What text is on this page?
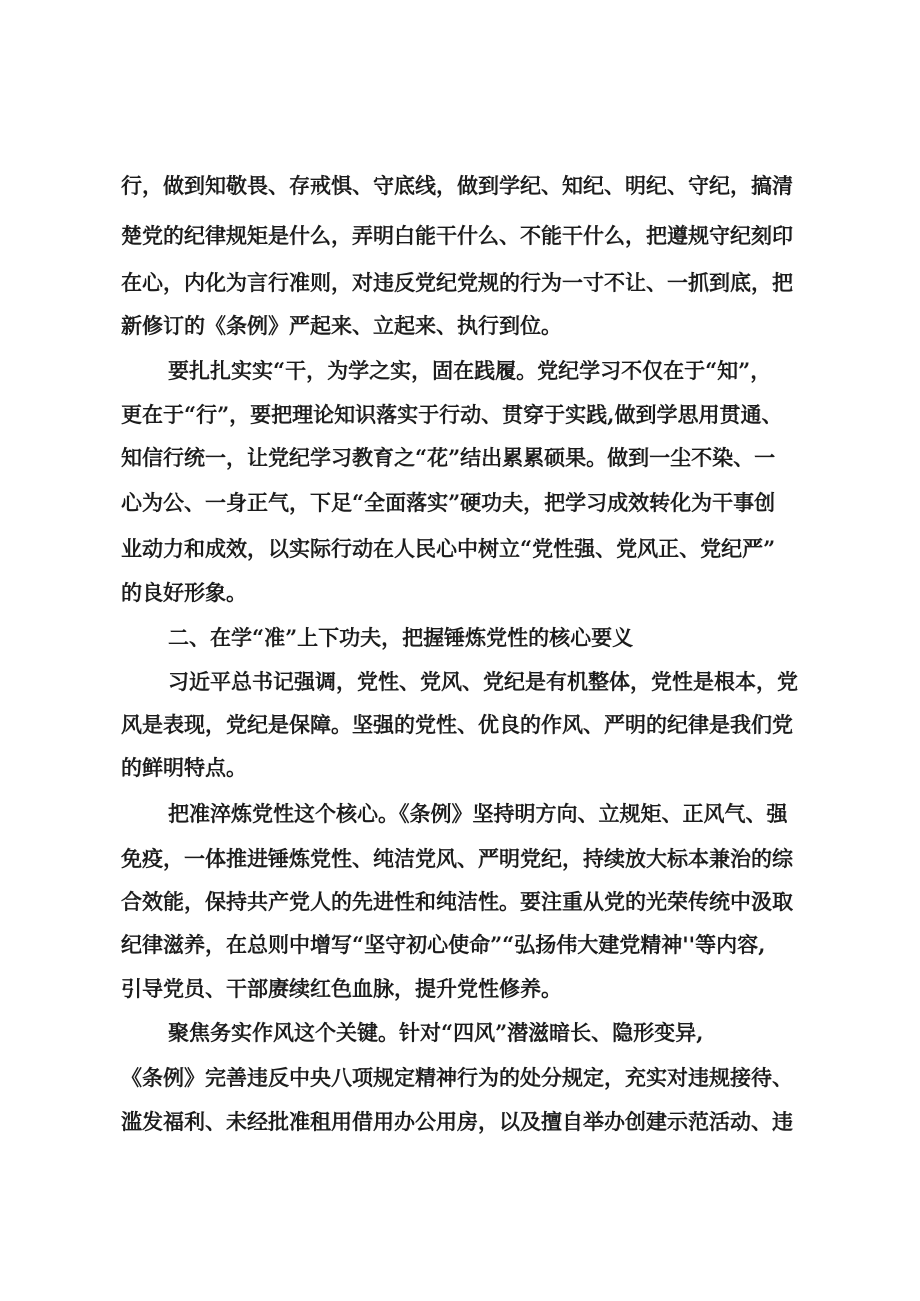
行，做到知敬畏、存戒惧、守底线，做到学纪、知纪、明纪、守纪，搞清
楚党的纪律规矩是什么，弄明白能干什么、不能干什么，把遵规守纪刻印
在心，内化为言行准则，对违反党纪党规的行为一寸不让、一抓到底，把
新修订的《条例》严起来、立起来、执行到位。
要扎扎实实“干，为学之实，固在践履。党纪学习不仅在于“知”，
更在于“行”，要把理论知识落实于行动、贯穿于实践,做到学思用贯通、
知信行统一，让党纪学习教育之“花”结出累累硕果。做到一尘不染、一
心为公、一身正气，下足“全面落实”硬功夫，把学习成效转化为干事创
业动力和成效，以实际行动在人民心中树立“党性强、党风正、党纪严”
的良好形象。
二、在学“准”上下功夫，把握锤炼党性的核心要义
习近平总书记强调，党性、党风、党纪是有机整体，党性是根本，党
风是表现，党纪是保障。坚强的党性、优良的作风、严明的纪律是我们党
的鲜明特点。
把准淬炼党性这个核心。《条例》坚持明方向、立规矩、正风气、强
免疫，一体推进锤炼党性、纯洁党风、严明党纪，持续放大标本兼治的综
合效能，保持共产党人的先进性和纯洁性。要注重从党的光荣传统中汲取
纪律滋养，在总则中增写“坚守初心使命”“弘扬伟大建党精神''等内容,
引导党员、干部赓续红色血脉，提升党性修养。
聚焦务实作风这个关键。针对“四风”潜滋暗长、隐形变异,
《条例》完善违反中央八项规定精神行为的处分规定，充实对违规接待、
滥发福利、未经批准租用借用办公用房，以及擅自举办创建示范活动、违
